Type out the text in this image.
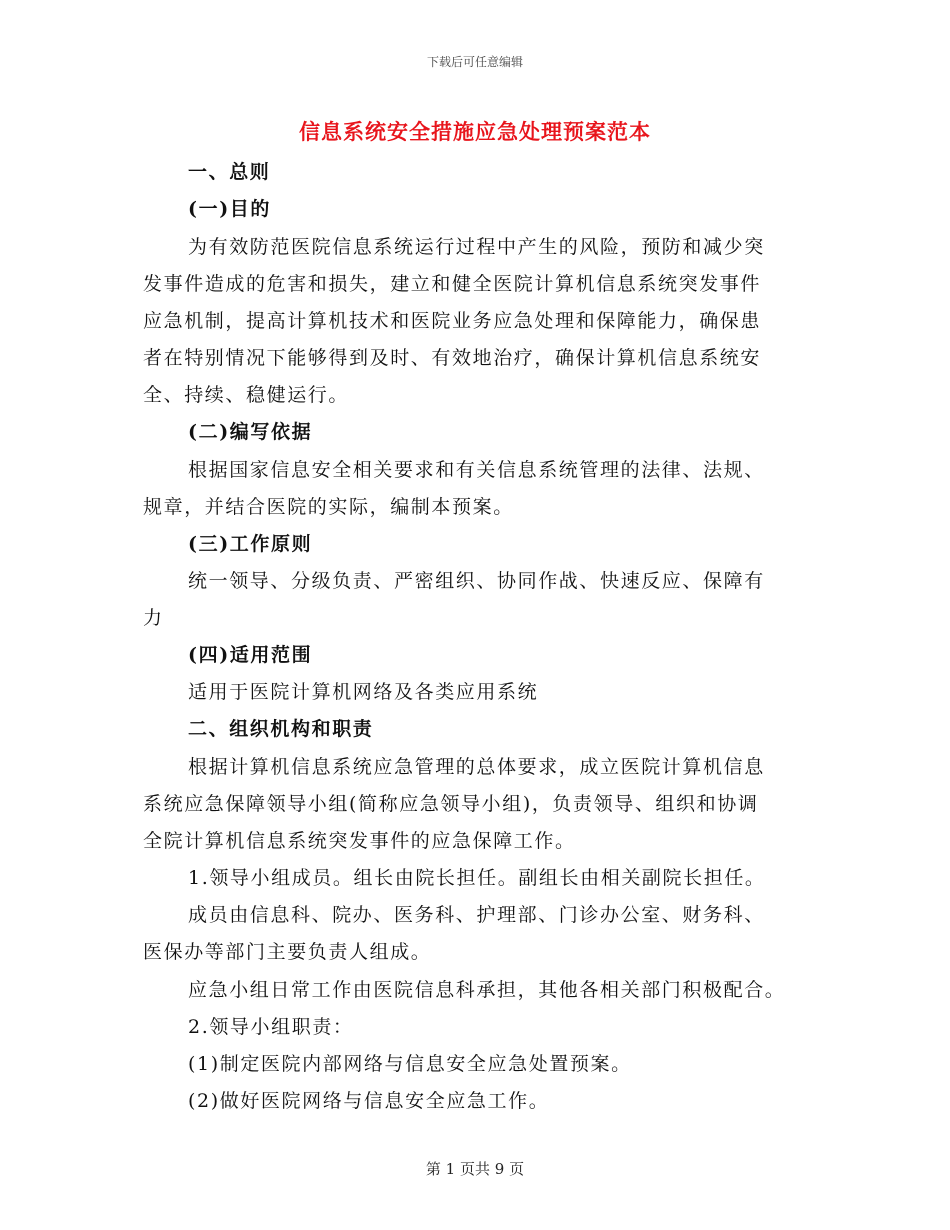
下载后可任意编辑
信息系统安全措施应急处理预案范本
一、总则
(一)目的
为有效防范医院信息系统运行过程中产生的风险，预防和减少突
发事件造成的危害和损失，建立和健全医院计算机信息系统突发事件
应急机制，提高计算机技术和医院业务应急处理和保障能力，确保患
者在特别情况下能够得到及时、有效地治疗，确保计算机信息系统安
全、持续、稳健运行。
(二)编写依据
根据国家信息安全相关要求和有关信息系统管理的法律、法规、
规章，并结合医院的实际，编制本预案。
(三)工作原则
统一领导、分级负责、严密组织、协同作战、快速反应、保障有
力
(四)适用范围
适用于医院计算机网络及各类应用系统
二、组织机构和职责
根据计算机信息系统应急管理的总体要求，成立医院计算机信息
系统应急保障领导小组(简称应急领导小组)，负责领导、组织和协调
全院计算机信息系统突发事件的应急保障工作。
1.领导小组成员。组长由院长担任。副组长由相关副院长担任。
成员由信息科、院办、医务科、护理部、门诊办公室、财务科、
医保办等部门主要负责人组成。
应急小组日常工作由医院信息科承担，其他各相关部门积极配合。
2.领导小组职责：
(1)制定医院内部网络与信息安全应急处置预案。
(2)做好医院网络与信息安全应急工作。
第 1 页共 9 页
